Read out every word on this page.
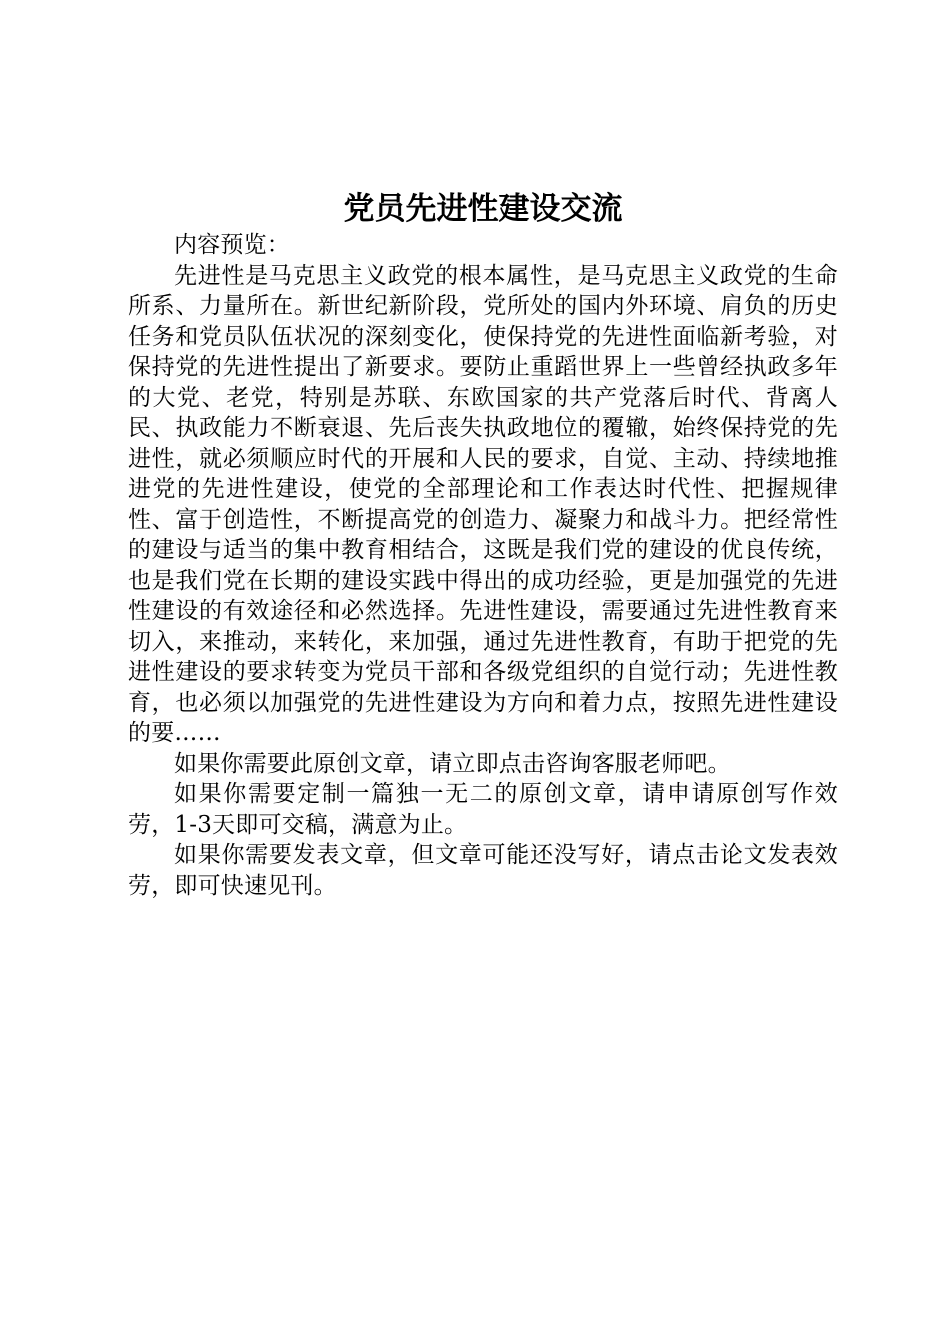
党员先进性建设交流

内容预览：

先进性是马克思主义政党的根本属性，是马克思主义政党的生命所系、力量所在。新世纪新阶段，党所处的国内外环境、肩负的历史任务和党员队伍状况的深刻变化，使保持党的先进性面临新考验，对保持党的先进性提出了新要求。要防止重蹈世界上一些曾经执政多年的大党、老党，特别是苏联、东欧国家的共产党落后时代、背离人民、执政能力不断衰退、先后丧失执政地位的覆辙，始终保持党的先进性，就必须顺应时代的开展和人民的要求，自觉、主动、持续地推进党的先进性建设，使党的全部理论和工作表达时代性、把握规律性、富于创造性，不断提高党的创造力、凝聚力和战斗力。把经常性的建设与适当的集中教育相结合，这既是我们党的建设的优良传统，也是我们党在长期的建设实践中得出的成功经验，更是加强党的先进性建设的有效途径和必然选择。先进性建设，需要通过先进性教育来切入，来推动，来转化，来加强，通过先进性教育，有助于把党的先进性建设的要求转变为党员干部和各级党组织的自觉行动；先进性教育，也必须以加强党的先进性建设为方向和着力点，按照先进性建设的要……

如果你需要此原创文章，请立即点击咨询客服老师吧。

如果你需要定制一篇独一无二的原创文章，请申请原创写作效劳，1-3天即可交稿，满意为止。

如果你需要发表文章，但文章可能还没写好，请点击论文发表效劳，即可快速见刊。
